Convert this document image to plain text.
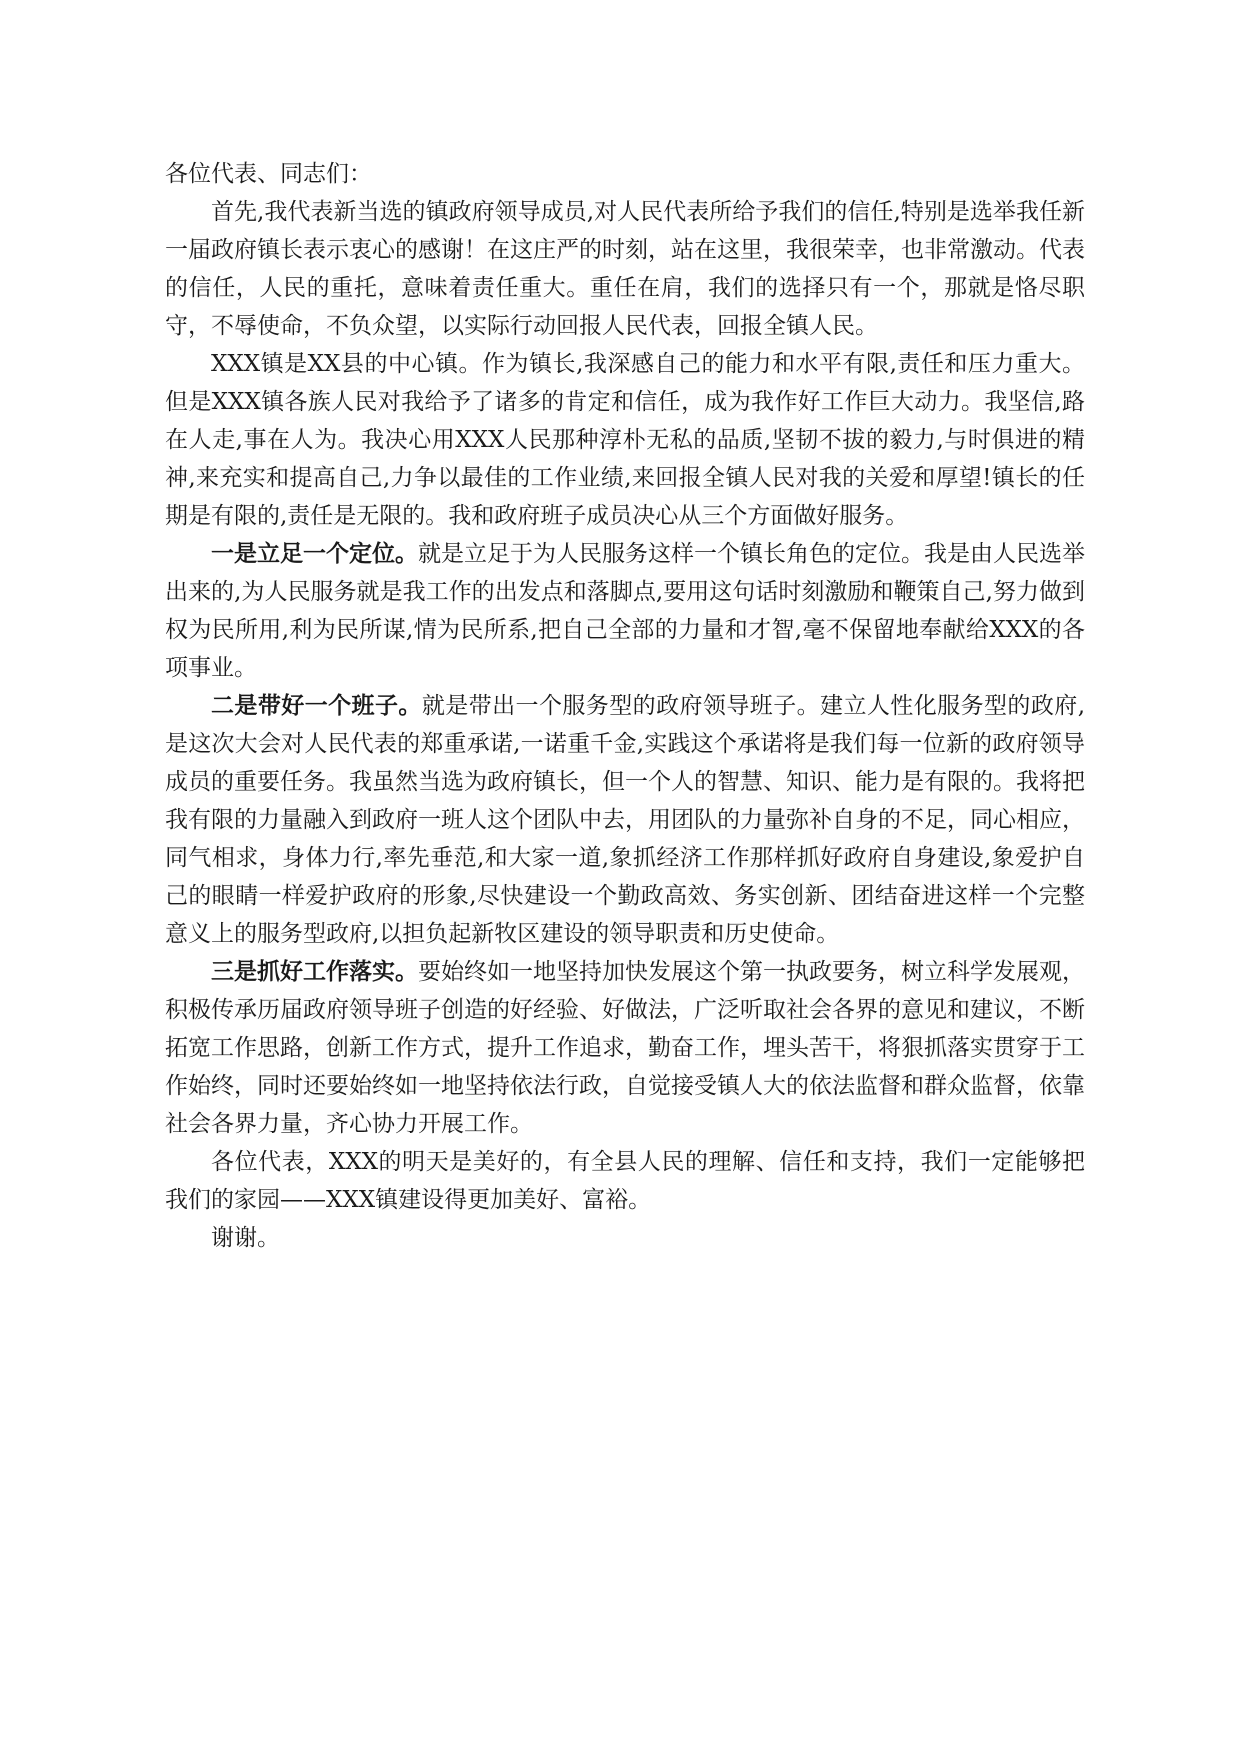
各位代表、同志们：

首先,我代表新当选的镇政府领导成员,对人民代表所给予我们的信任,特别是选举我任新一届政府镇长表示衷心的感谢！在这庄严的时刻，站在这里，我很荣幸，也非常激动。代表的信任，人民的重托，意味着责任重大。重任在肩，我们的选择只有一个，那就是恪尽职守，不辱使命，不负众望，以实际行动回报人民代表，回报全镇人民。

XXX镇是XX县的中心镇。作为镇长,我深感自己的能力和水平有限,责任和压力重大。但是XXX镇各族人民对我给予了诸多的肯定和信任，成为我作好工作巨大动力。我坚信,路在人走,事在人为。我决心用XXX人民那种淳朴无私的品质,坚韧不拔的毅力,与时俱进的精神,来充实和提高自己,力争以最佳的工作业绩,来回报全镇人民对我的关爱和厚望!镇长的任期是有限的,责任是无限的。我和政府班子成员决心从三个方面做好服务。

一是立足一个定位。就是立足于为人民服务这样一个镇长角色的定位。我是由人民选举出来的,为人民服务就是我工作的出发点和落脚点,要用这句话时刻激励和鞭策自己,努力做到权为民所用,利为民所谋,情为民所系,把自己全部的力量和才智,毫不保留地奉献给XXX的各项事业。

二是带好一个班子。就是带出一个服务型的政府领导班子。建立人性化服务型的政府,是这次大会对人民代表的郑重承诺,一诺重千金,实践这个承诺将是我们每一位新的政府领导成员的重要任务。我虽然当选为政府镇长，但一个人的智慧、知识、能力是有限的。我将把我有限的力量融入到政府一班人这个团队中去，用团队的力量弥补自身的不足，同心相应，同气相求，身体力行,率先垂范,和大家一道,象抓经济工作那样抓好政府自身建设,象爱护自己的眼睛一样爱护政府的形象,尽快建设一个勤政高效、务实创新、团结奋进这样一个完整意义上的服务型政府,以担负起新牧区建设的领导职责和历史使命。

三是抓好工作落实。要始终如一地坚持加快发展这个第一执政要务，树立科学发展观，积极传承历届政府领导班子创造的好经验、好做法，广泛听取社会各界的意见和建议，不断拓宽工作思路，创新工作方式，提升工作追求，勤奋工作，埋头苦干，将狠抓落实贯穿于工作始终，同时还要始终如一地坚持依法行政，自觉接受镇人大的依法监督和群众监督，依靠社会各界力量，齐心协力开展工作。

各位代表，XXX的明天是美好的，有全县人民的理解、信任和支持，我们一定能够把我们的家园——XXX镇建设得更加美好、富裕。

谢谢。
